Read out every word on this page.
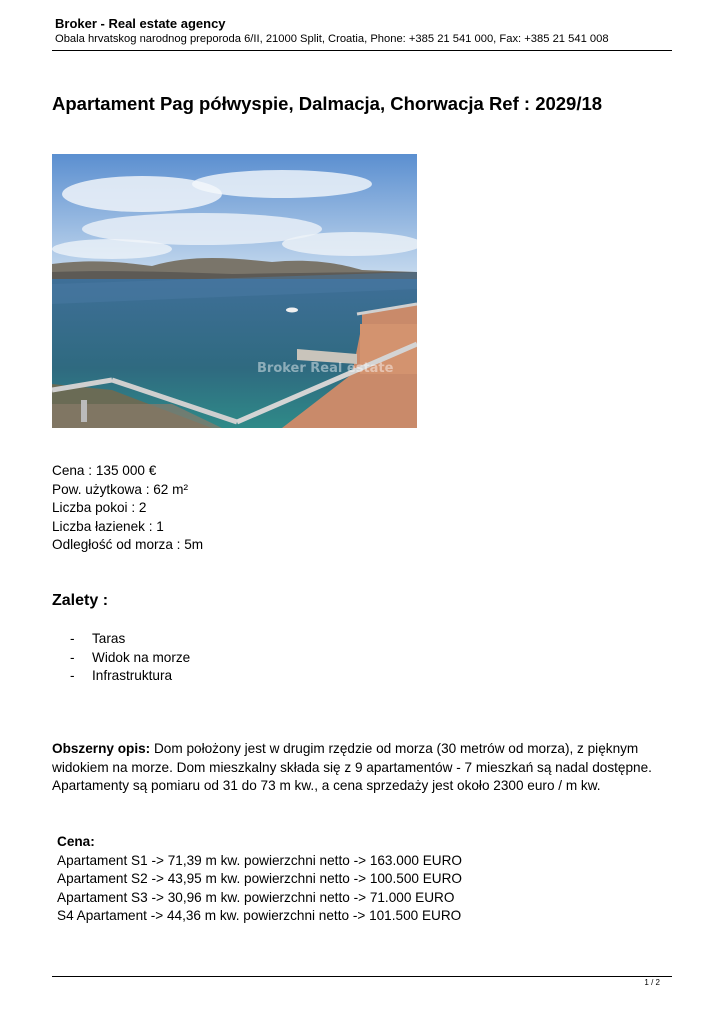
Broker - Real estate agency
Obala hrvatskog narodnog preporoda 6/II, 21000 Split, Croatia, Phone: +385 21 541 000, Fax: +385 21 541 008
Apartament Pag półwyspie, Dalmacja, Chorwacja Ref : 2029/18
Broker Real estate
Cena : 135 000 €
Pow. użytkowa : 62 m²
Liczba pokoi : 2
Liczba łazienek : 1
Odległość od morza : 5m
Zalety :
- Taras
- Widok na morze
- Infrastruktura
Obszerny opis: Dom położony jest w drugim rzędzie od morza (30 metrów od morza), z pięknym widokiem na morze. Dom mieszkalny składa się z 9 apartamentów - 7 mieszkań są nadal dostępne. Apartamenty są pomiaru od 31 do 73 m kw., a cena sprzedaży jest około 2300 euro / m kw.
Cena:
Apartament S1 -> 71,39 m kw. powierzchni netto -> 163.000 EURO
Apartament S2 -> 43,95 m kw. powierzchni netto -> 100.500 EURO
Apartament S3 -> 30,96 m kw. powierzchni netto -> 71.000 EURO
S4 Apartament -> 44,36 m kw. powierzchni netto -> 101.500 EURO
1 / 2
